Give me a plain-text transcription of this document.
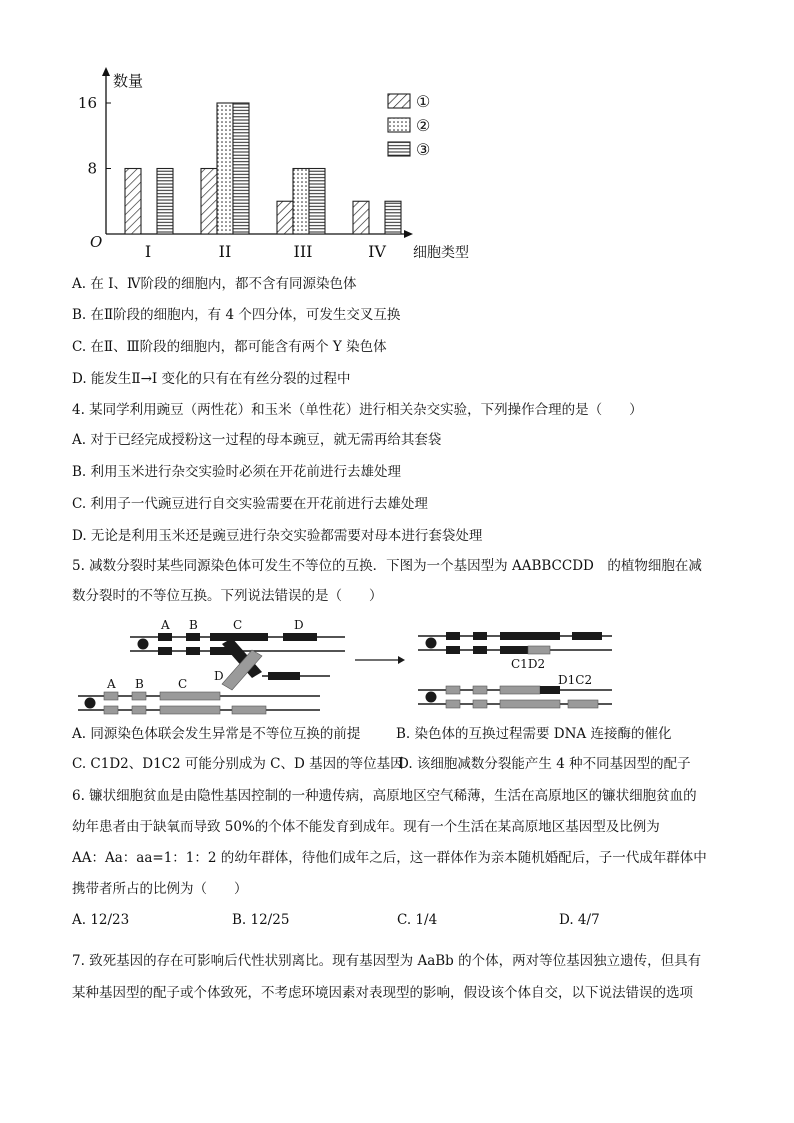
数量
细胞类型
O
8
16
I	II	III	IV
①
②
③
A. 在 I、Ⅳ阶段的细胞内，都不含有同源染色体
B. 在Ⅱ阶段的细胞内，有 4 个四分体，可发生交叉互换
C. 在Ⅱ、Ⅲ阶段的细胞内，都可能含有两个 Y 染色体
D. 能发生Ⅱ→I 变化的只有在有丝分裂的过程中
4. 某同学利用豌豆（两性花）和玉米（单性花）进行相关杂交实验，下列操作合理的是（　　）
A. 对于已经完成授粉这一过程的母本豌豆，就无需再给其套袋
B. 利用玉米进行杂交实验时必须在开花前进行去雄处理
C. 利用子一代豌豆进行自交实验需要在开花前进行去雄处理
D. 无论是利用玉米还是豌豆进行杂交实验都需要对母本进行套袋处理
5. 减数分裂时某些同源染色体可发生不等位的互换．下图为一个基因型为 AABBCCDD　的植物细胞在减
数分裂时的不等位互换。下列说法错误的是（　　）
A B	C	D
A B	C
D
C1D2
D1C2
A. 同源染色体联会发生异常是不等位互换的前提	B. 染色体的互换过程需要 DNA 连接酶的催化
C. C1D2、D1C2 可能分别成为 C、D 基因的等位基因
D. 该细胞减数分裂能产生 4 种不同基因型的配子
6. 镰状细胞贫血是由隐性基因控制的一种遗传病，高原地区空气稀薄，生活在高原地区的镰状细胞贫血的
幼年患者由于缺氧而导致 50%的个体不能发育到成年。现有一个生活在某高原地区基因型及比例为
AA：Aa：aa=1：1：2 的幼年群体，待他们成年之后，这一群体作为亲本随机婚配后，子一代成年群体中
携带者所占的比例为（　　）
A. 12/23	B. 12/25	C. 1/4	D. 4/7
7. 致死基因的存在可影响后代性状别离比。现有基因型为 AaBb 的个体，两对等位基因独立遗传，但具有
某种基因型的配子或个体致死，不考虑环境因素对表现型的影响，假设该个体自交，以下说法错误的选项
